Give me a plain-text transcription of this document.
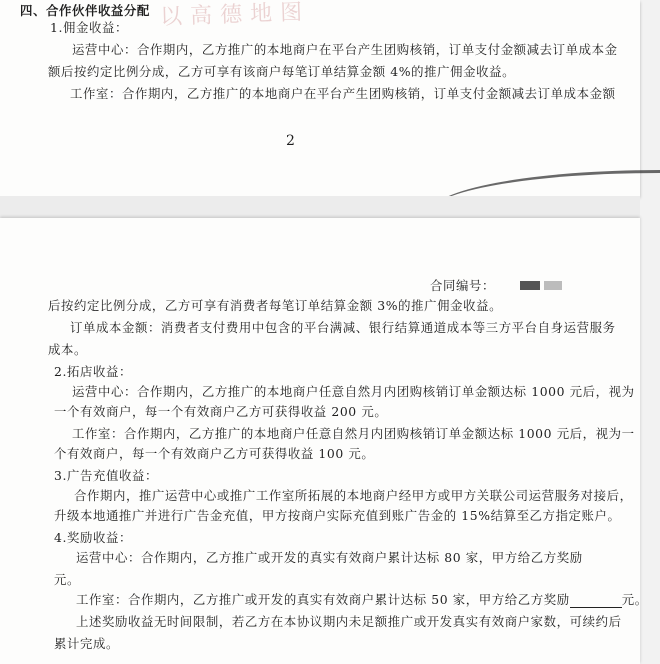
以高德地图
四、合作伙伴收益分配
1.佣金收益：
运营中心：合作期内，乙方推广的本地商户在平台产生团购核销，订单支付金额减去订单成本金
额后按约定比例分成，乙方可享有该商户每笔订单结算金额 4%的推广佣金收益。
工作室：合作期内，乙方推广的本地商户在平台产生团购核销，订单支付金额减去订单成本金额
2
合同编号：
后按约定比例分成，乙方可享有消费者每笔订单结算金额 3%的推广佣金收益。
订单成本金额：消费者支付费用中包含的平台满减、银行结算通道成本等三方平台自身运营服务
成本。
2.拓店收益：
运营中心：合作期内，乙方推广的本地商户任意自然月内团购核销订单金额达标 1000 元后，视为
一个有效商户，每一个有效商户乙方可获得收益 200 元。
工作室：合作期内，乙方推广的本地商户任意自然月内团购核销订单金额达标 1000 元后，视为一
个有效商户，每一个有效商户乙方可获得收益 100 元。
3.广告充值收益：
合作期内，推广运营中心或推广工作室所拓展的本地商户经甲方或甲方关联公司运营服务对接后，
升级本地通推广并进行广告金充值，甲方按商户实际充值到账广告金的 15%结算至乙方指定账户。
4.奖励收益：
运营中心：合作期内，乙方推广或开发的真实有效商户累计达标 80 家，甲方给乙方奖励
元。
工作室：合作期内，乙方推广或开发的真实有效商户累计达标 50 家，甲方给乙方奖励	元。
上述奖励收益无时间限制，若乙方在本协议期内未足额推广或开发真实有效商户家数，可续约后
累计完成。
